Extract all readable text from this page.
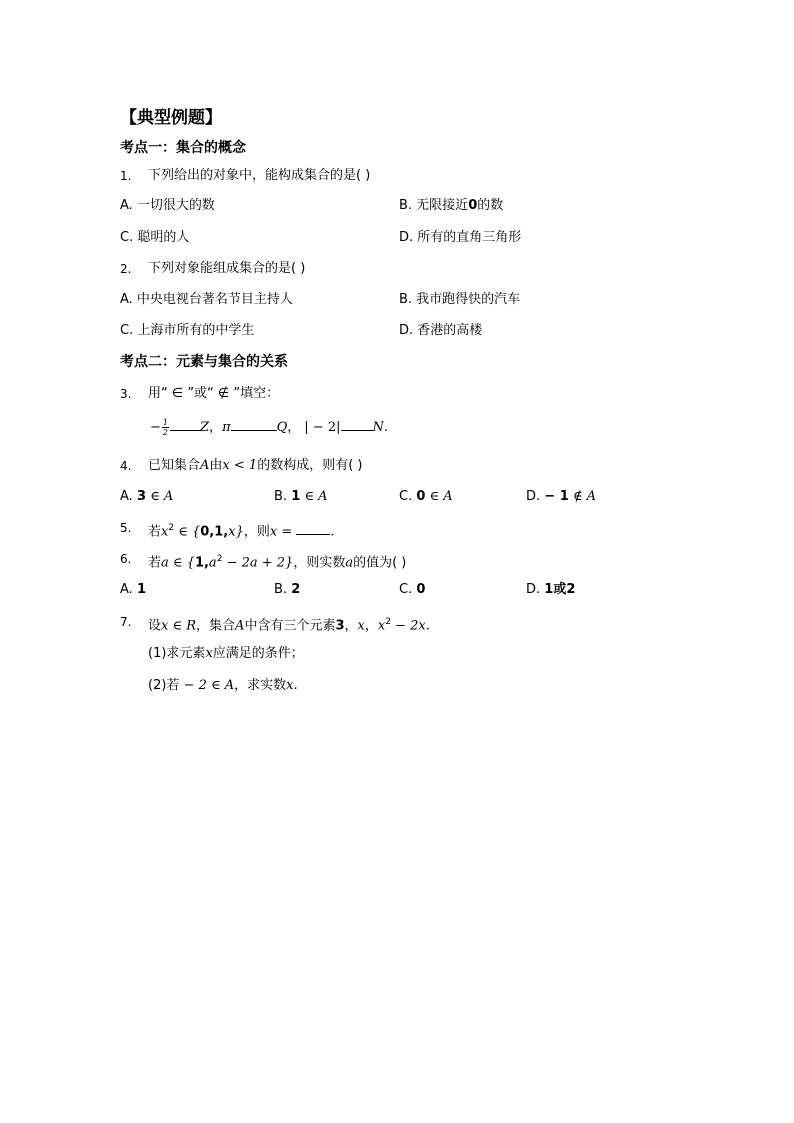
【典型例题】
考点一：集合的概念
1. 下列给出的对象中，能构成集合的是( )
A. 一切很大的数	B. 无限接近0的数
C. 聪明的人	D. 所有的直角三角形
2. 下列对象能组成集合的是( )
A. 中央电视台著名节目主持人	B. 我市跑得快的汽车
C. 上海市所有的中学生	D. 香港的高楼
考点二：元素与集合的关系
3. 用“ ∈ ”或“ ∉ ”填空：
− $\frac{1}{2}$ Z，π	Q， | − 2| N.
4. 已知集合A由x < 1的数构成，则有( )
A. 3 ∈ A	B. 1 ∈ A	C. 0 ∈ A	D. − 1 ∉ A
5. 若$x^2$ ∈ {0,1,x}，则x =	.
6. 若a ∈ $\{1,a^2 - 2a + 2\}$，则实数a的值为( )
A. 1	B. 2	C. 0	D. 1或2
7. 设x ∈ R，集合A中含有三个元素3，x，$x^2 - 2x$.
(1)求元素x应满足的条件；
(2)若 − 2 ∈ A，求实数x.
